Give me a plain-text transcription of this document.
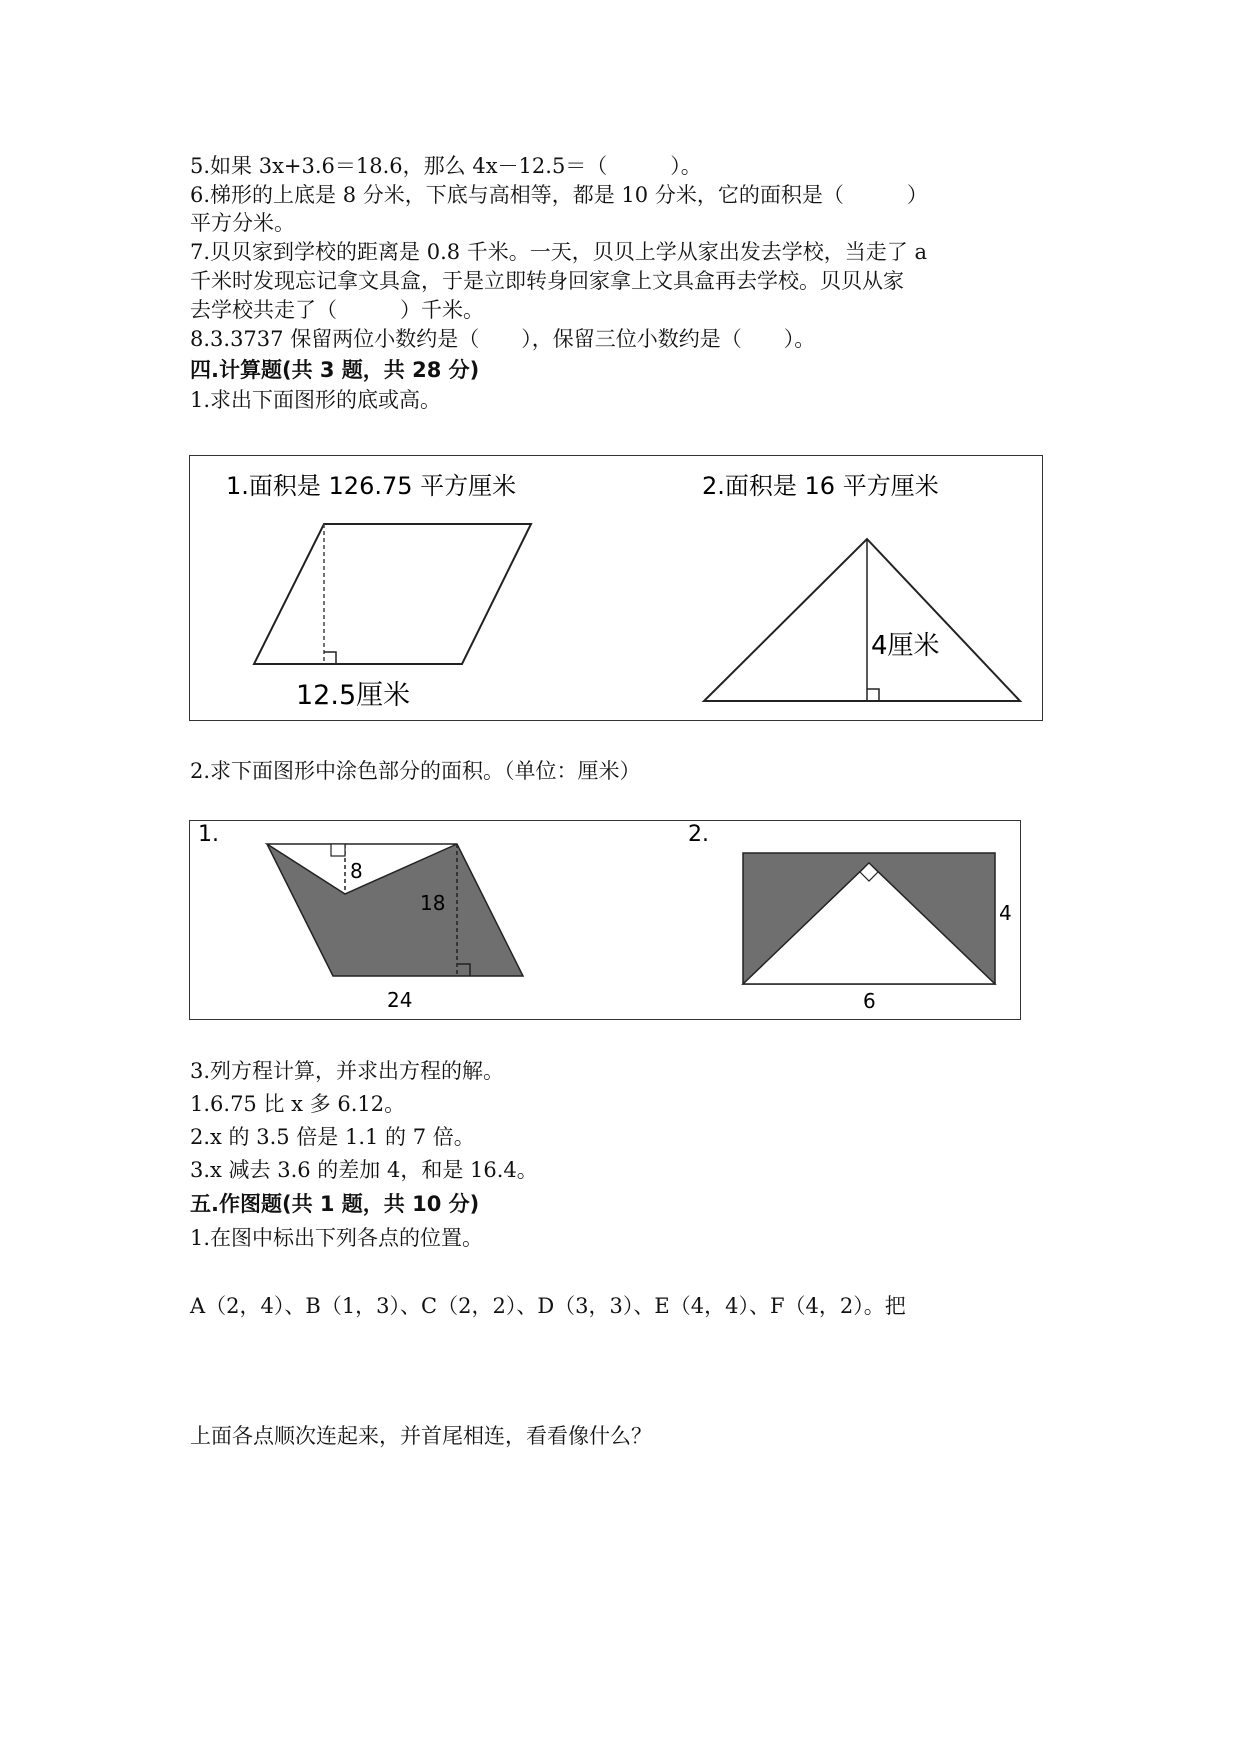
5.如果 3x+3.6＝18.6，那么 4x－12.5＝（　　　）。
6.梯形的上底是 8 分米，下底与高相等，都是 10 分米，它的面积是（　　　）
平方分米。
7.贝贝家到学校的距离是 0.8 千米。一天，贝贝上学从家出发去学校，当走了 a
千米时发现忘记拿文具盒，于是立即转身回家拿上文具盒再去学校。贝贝从家
去学校共走了（　　　）千米。
8.3.3737 保留两位小数约是（　　），保留三位小数约是（　　）。
四.计算题(共 3 题，共 28 分)
1.求出下面图形的底或高。
1.面积是 126.75 平方厘米
12.5厘米
2.面积是 16 平方厘米
4厘米
2.求下面图形中涂色部分的面积。（单位：厘米）
1.
8
18
24
2.
4
6
3.列方程计算，并求出方程的解。
1.6.75 比 x 多 6.12。
2.x 的 3.5 倍是 1.1 的 7 倍。
3.x 减去 3.6 的差加 4，和是 16.4。
五.作图题(共 1 题，共 10 分)
1.在图中标出下列各点的位置。
A（2，4）、B（1，3）、C（2，2）、D（3，3）、E（4，4）、F（4，2）。把
上面各点顺次连起来，并首尾相连，看看像什么？
